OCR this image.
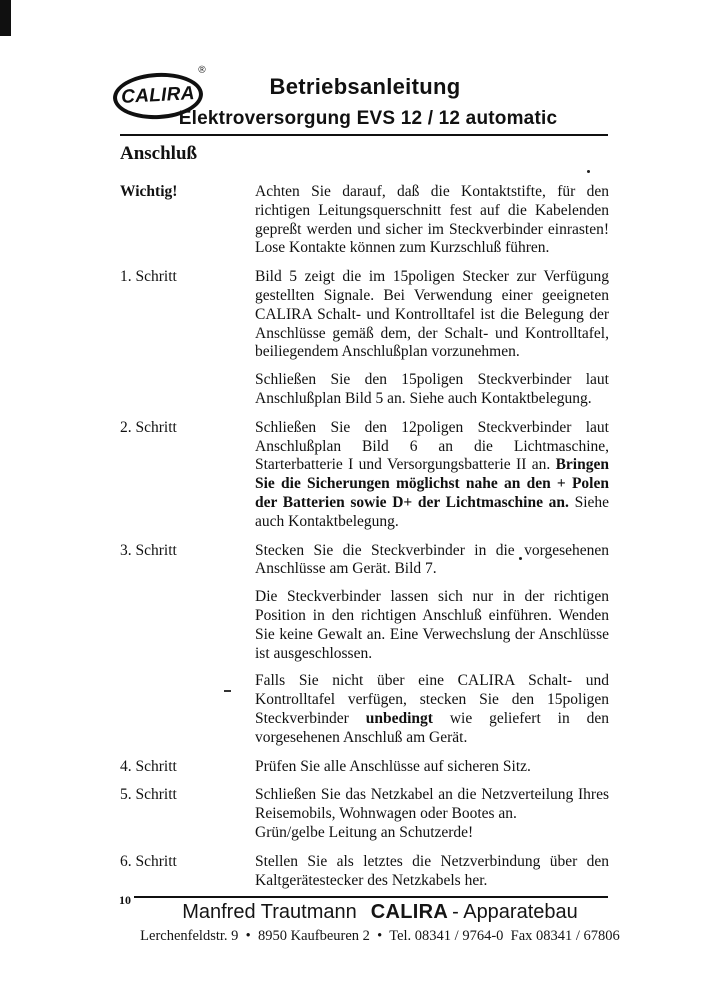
CALIRA
®
Betriebsanleitung
Elektroversorgung EVS 12 / 12 automatic
Anschluß
Wichtig!	Achten Sie darauf, daß die Kontaktstifte, für den richtigen Leitungsquerschnitt fest auf die Kabelenden gepreßt werden und sicher im Steckverbinder einrasten! Lose Kontakte können zum Kurzschluß führen.

1. Schritt	Bild 5 zeigt die im 15poligen Stecker zur Verfügung gestellten Signale. Bei Verwendung einer geeigneten CALIRA Schalt- und Kontrolltafel ist die Belegung der Anschlüsse gemäß dem, der Schalt- und Kontrolltafel, beiliegendem Anschlußplan vorzunehmen.

Schließen Sie den 15poligen Steckverbinder laut Anschlußplan Bild 5 an. Siehe auch Kontaktbelegung.

2. Schritt	Schließen Sie den 12poligen Steckverbinder laut Anschlußplan Bild 6 an die Lichtmaschine, Starterbatterie I und Versorgungsbatterie II an. Bringen Sie die Sicherungen möglichst nahe an den + Polen der Batterien sowie D+ der Lichtmaschine an. Siehe auch Kontaktbelegung.

3. Schritt	Stecken Sie die Steckverbinder in die vorgesehenen Anschlüsse am Gerät. Bild 7.

Die Steckverbinder lassen sich nur in der richtigen Position in den richtigen Anschluß einführen. Wenden Sie keine Gewalt an. Eine Verwechslung der Anschlüsse ist ausgeschlossen.

Falls Sie nicht über eine CALIRA Schalt- und Kontrolltafel verfügen, stecken Sie den 15poligen Steckverbinder unbedingt wie geliefert in den vorgesehenen Anschluß am Gerät.

4. Schritt	Prüfen Sie alle Anschlüsse auf sicheren Sitz.

5. Schritt	Schließen Sie das Netzkabel an die Netzverteilung Ihres Reisemobils, Wohnwagen oder Bootes an.
Grün/gelbe Leitung an Schutzerde!

6. Schritt	Stellen Sie als letztes die Netzverbindung über den Kaltgerätestecker des Netzkabels her.

10
Manfred Trautmann CALIRA - Apparatebau
Lerchenfeldstr. 9  •  8950 Kaufbeuren 2  •  Tel. 08341 / 9764-0  Fax 08341 / 67806
